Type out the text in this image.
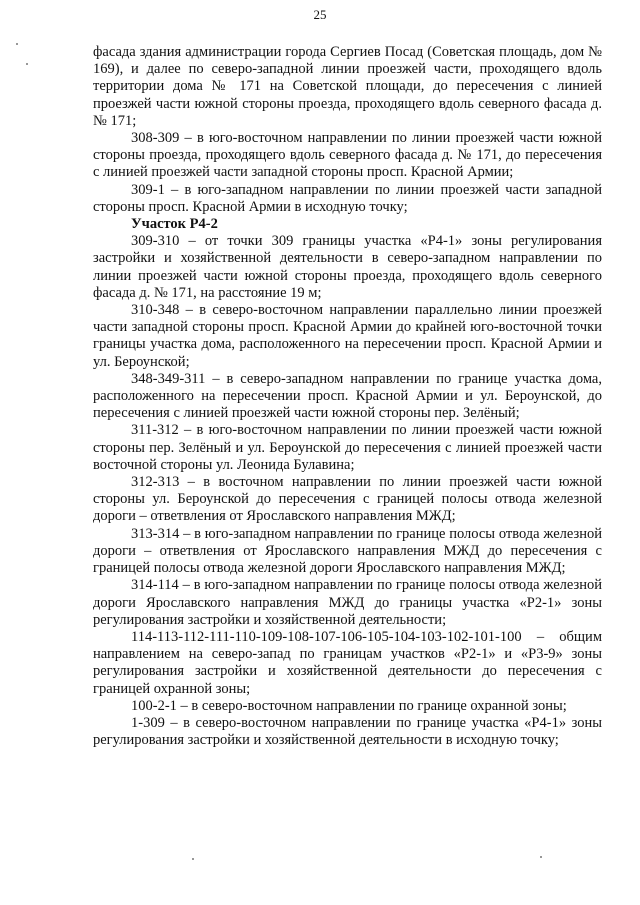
25

фасада здания администрации города Сергиев Посад (Советская площадь, дом № 169), и далее по северо-западной линии проезжей части, проходящего вдоль территории дома № 171 на Советской площади, до пересечения с линией проезжей части южной стороны проезда, проходящего вдоль северного фасада д. № 171;

308-309 – в юго-восточном направлении по линии проезжей части южной стороны проезда, проходящего вдоль северного фасада д. № 171, до пересечения с линией проезжей части западной стороны просп. Красной Армии;

309-1 – в юго-западном направлении по линии проезжей части западной стороны просп. Красной Армии в исходную точку;

Участок Р4-2

309-310 – от точки 309 границы участка «Р4-1» зоны регулирования застройки и хозяйственной деятельности в северо-западном направлении по линии проезжей части южной стороны проезда, проходящего вдоль северного фасада д. № 171, на расстояние 19 м;

310-348 – в северо-восточном направлении параллельно линии проезжей части западной стороны просп. Красной Армии до крайней юго-восточной точки границы участка дома, расположенного на пересечении просп. Красной Армии и ул. Бероунской;

348-349-311 – в северо-западном направлении по границе участка дома, расположенного на пересечении просп. Красной Армии и ул. Бероунской, до пересечения с линией проезжей части южной стороны пер. Зелёный;

311-312 – в юго-восточном направлении по линии проезжей части южной стороны пер. Зелёный и ул. Бероунской до пересечения с линией проезжей части восточной стороны ул. Леонида Булавина;

312-313 – в восточном направлении по линии проезжей части южной стороны ул. Бероунской до пересечения с границей полосы отвода железной дороги – ответвления от Ярославского направления МЖД;

313-314 – в юго-западном направлении по границе полосы отвода железной дороги – ответвления от Ярославского направления МЖД до пересечения с границей полосы отвода железной дороги Ярославского направления МЖД;

314-114 – в юго-западном направлении по границе полосы отвода железной дороги Ярославского направления МЖД до границы участка «Р2-1» зоны регулирования застройки и хозяйственной деятельности;

114-113-112-111-110-109-108-107-106-105-104-103-102-101-100 – общим направлением на северо-запад по границам участков «Р2-1» и «Р3-9» зоны регулирования застройки и хозяйственной деятельности до пересечения с границей охранной зоны;

100-2-1 – в северо-восточном направлении по границе охранной зоны;

1-309 – в северо-восточном направлении по границе участка «Р4-1» зоны регулирования застройки и хозяйственной деятельности в исходную точку;
